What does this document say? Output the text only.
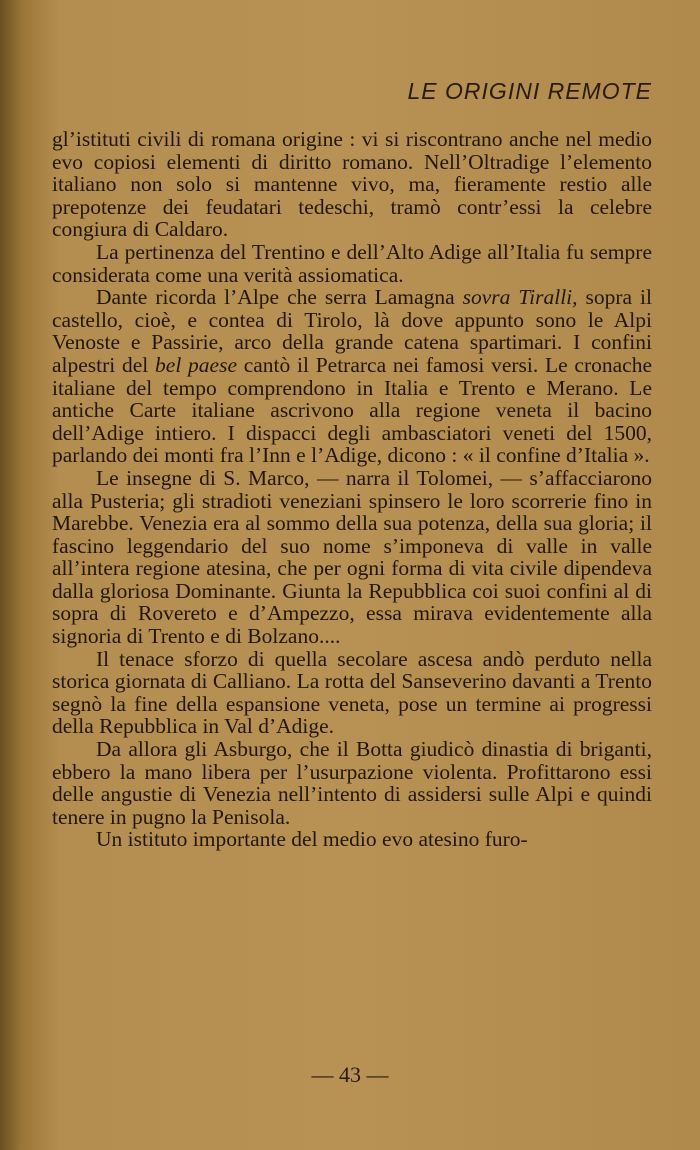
LE ORIGINI REMOTE

gl’istituti civili di romana origine : vi si riscontrano anche nel medio evo copiosi elementi di diritto romano. Nell’Oltradige l’elemento italiano non solo si mantenne vivo, ma, fieramente restio alle prepotenze dei feudatari tedeschi, tramò contr’essi la celebre congiura di Caldaro.

La pertinenza del Trentino e dell’Alto Adige all’Italia fu sempre considerata come una verità assiomatica.

Dante ricorda l’Alpe che serra Lamagna sovra Tiralli, sopra il castello, cioè, e contea di Tirolo, là dove appunto sono le Alpi Venoste e Passirie, arco della grande catena spartimari. I confini alpestri del bel paese cantò il Petrarca nei famosi versi. Le cronache italiane del tempo comprendono in Italia e Trento e Merano. Le antiche Carte italiane ascrivono alla regione veneta il bacino dell’Adige intiero. I dispacci degli ambasciatori veneti del 1500, parlando dei monti fra l’Inn e l’Adige, dicono : « il confine d’Italia ».

Le insegne di S. Marco, — narra il Tolomei, — s’affacciarono alla Pusteria; gli stradioti veneziani spinsero le loro scorrerie fino in Marebbe. Venezia era al sommo della sua potenza, della sua gloria; il fascino leggendario del suo nome s’imponeva di valle in valle all’intera regione atesina, che per ogni forma di vita civile dipendeva dalla gloriosa Dominante. Giunta la Repubblica coi suoi confini al di sopra di Rovereto e d’Ampezzo, essa mirava evidentemente alla signoria di Trento e di Bolzano....

Il tenace sforzo di quella secolare ascesa andò perduto nella storica giornata di Calliano. La rotta del Sanseverino davanti a Trento segnò la fine della espansione veneta, pose un termine ai progressi della Repubblica in Val d’Adige.

Da allora gli Asburgo, che il Botta giudicò dinastia di briganti, ebbero la mano libera per l’usurpazione violenta. Profittarono essi delle angustie di Venezia nell’intento di assidersi sulle Alpi e quindi tenere in pugno la Penisola.

Un istituto importante del medio evo atesino furo-

— 43 —
